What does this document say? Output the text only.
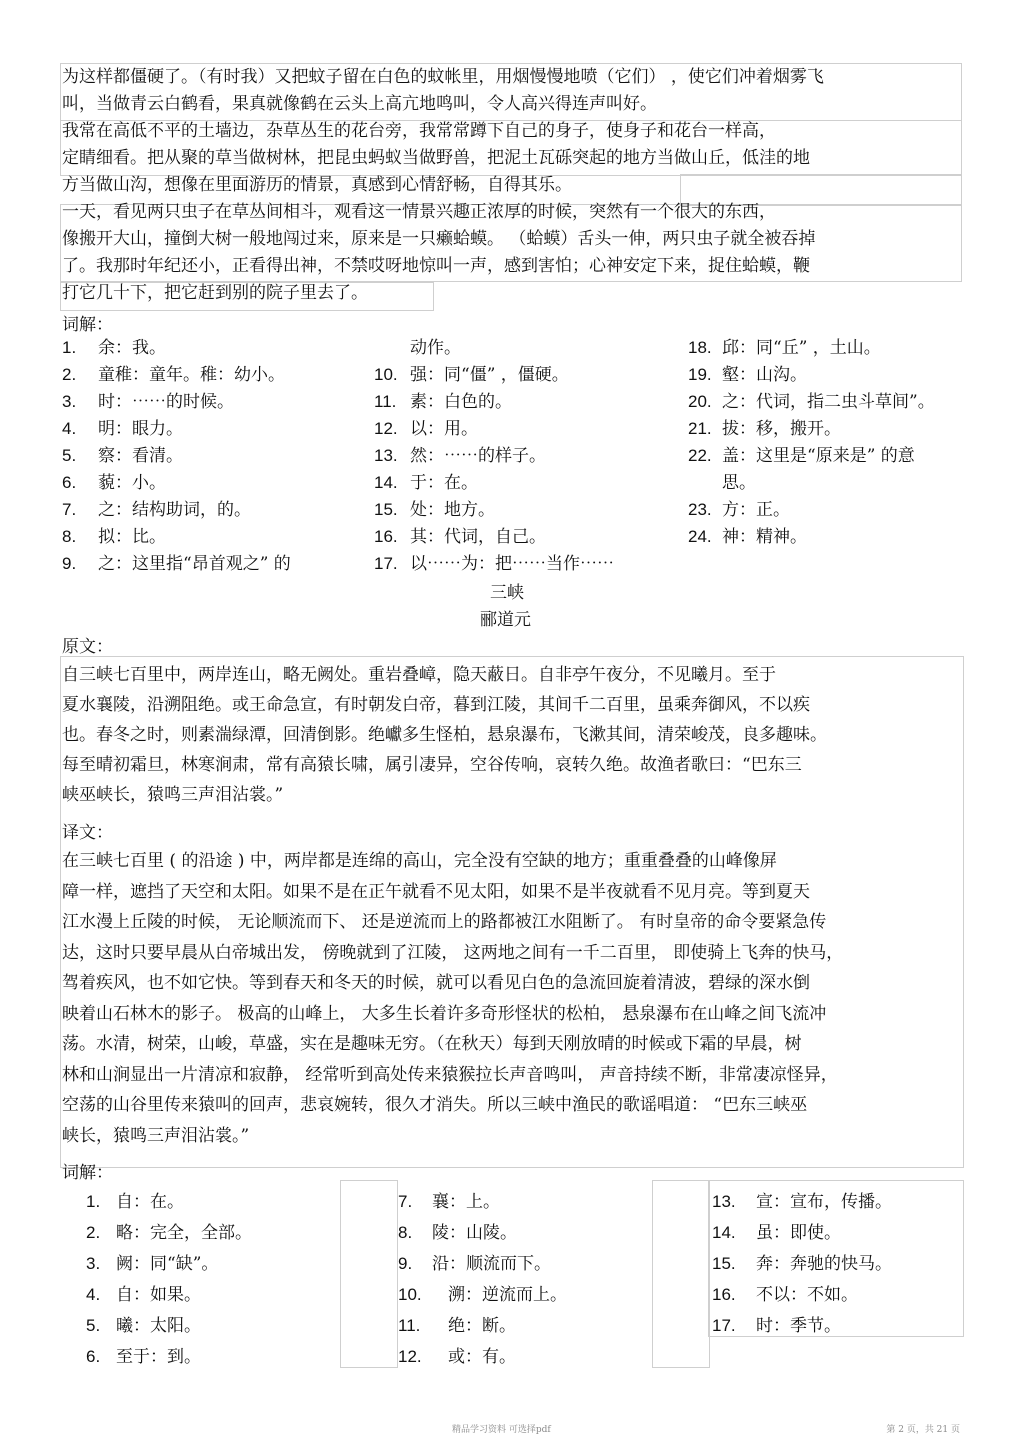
为这样都僵硬了。（有时我）又把蚊子留在白色的蚊帐里，用烟慢慢地喷（它们） ，使它们冲着烟雾飞
叫，当做青云白鹤看，果真就像鹤在云头上高亢地鸣叫，令人高兴得连声叫好。
我常在高低不平的土墙边，杂草丛生的花台旁，我常常蹲下自己的身子，使身子和花台一样高，
定睛细看。把从聚的草当做树林，把昆虫蚂蚁当做野兽，把泥土瓦砾突起的地方当做山丘，低洼的地
方当做山沟，想像在里面游历的情景，真感到心情舒畅，自得其乐。
一天，看见两只虫子在草丛间相斗，观看这一情景兴趣正浓厚的时候，突然有一个很大的东西，
像搬开大山，撞倒大树一般地闯过来，原来是一只癞蛤蟆。 （蛤蟆）舌头一伸，两只虫子就全被吞掉
了。我那时年纪还小，正看得出神，不禁哎呀地惊叫一声，感到害怕；心神安定下来，捉住蛤蟆，鞭
打它几十下，把它赶到别的院子里去了。
词解：
1. 余：我。
2. 童稚：童年。稚：幼小。
3. 时：⋯⋯的时候。
4. 明：眼力。
5. 察：看清。
6. 藐：小。
7. 之：结构助词，的。
8. 拟：比。
9. 之：这里指“昂首观之” 的
动作。
10. 强：同“僵” ，僵硬。
11. 素：白色的。
12. 以：用。
13. 然：⋯⋯的样子。
14. 于：在。
15. 处：地方。
16. 其：代词，自己。
17. 以⋯⋯为：把⋯⋯当作⋯⋯
18. 邱：同“丘” ，土山。
19. 壑：山沟。
20. 之：代词，指二虫斗草间”。
21. 拔：移，搬开。
22. 盖：这里是“原来是” 的意
思。
23. 方：正。
24. 神：精神。
三峡
郦道元
原文：
自三峡七百里中，两岸连山，略无阙处。重岩叠嶂，隐天蔽日。自非亭午夜分，不见曦月。至于
夏水襄陵，沿溯阻绝。或王命急宣，有时朝发白帝，暮到江陵，其间千二百里，虽乘奔御风，不以疾
也。春冬之时，则素湍绿潭，回清倒影。绝巘多生怪柏，悬泉瀑布，飞漱其间，清荣峻茂，良多趣味。
每至晴初霜旦，林寒涧肃，常有高猿长啸，属引凄异，空谷传响，哀转久绝。故渔者歌曰：“巴东三
峡巫峡长，猿鸣三声泪沾裳。”
译文：
在三峡七百里 ( 的沿途 ) 中，两岸都是连绵的高山，完全没有空缺的地方；重重叠叠的山峰像屏
障一样，遮挡了天空和太阳。如果不是在正午就看不见太阳，如果不是半夜就看不见月亮。等到夏天
江水漫上丘陵的时候， 无论顺流而下、 还是逆流而上的路都被江水阻断了。 有时皇帝的命令要紧急传
达，这时只要早晨从白帝城出发， 傍晚就到了江陵， 这两地之间有一千二百里， 即使骑上飞奔的快马，
驾着疾风，也不如它快。等到春天和冬天的时候，就可以看见白色的急流回旋着清波，碧绿的深水倒
映着山石林木的影子。 极高的山峰上， 大多生长着许多奇形怪状的松柏， 悬泉瀑布在山峰之间飞流冲
荡。水清，树荣，山峻，草盛，实在是趣味无穷。（在秋天）每到天刚放晴的时候或下霜的早晨，树
林和山涧显出一片清凉和寂静， 经常听到高处传来猿猴拉长声音鸣叫， 声音持续不断，非常凄凉怪异，
空荡的山谷里传来猿叫的回声，悲哀婉转，很久才消失。所以三峡中渔民的歌谣唱道： “巴东三峡巫
峡长，猿鸣三声泪沾裳。”
词解：
1. 自：在。
2. 略：完全，全部。
3. 阙：同“缺”。
4. 自：如果。
5. 曦：太阳。
6. 至于：到。
7. 襄：上。
8. 陵：山陵。
9. 沿：顺流而下。
10. 溯：逆流而上。
11. 绝：断。
12. 或：有。
13. 宣：宣布，传播。
14. 虽：即使。
15. 奔：奔驰的快马。
16. 不以：不如。
17. 时：季节。
精品学习资料 可选择pdf	第 2 页，共 21 页
